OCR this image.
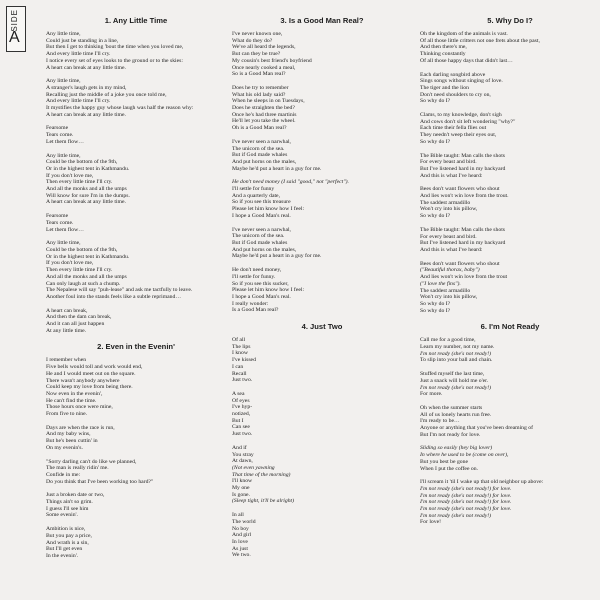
SIDE
A
1. Any Little Time
Any little time,
Could just be standing in a line,
But then I get to thinking 'bout the time when you loved me,
And every little time I'll cry.
I notice every set of eyes looks to the ground or to the skies:
A heart can break at any little time.
Any little time,
A stranger's laugh gets in my mind,
Recalling just the middle of a joke you once told me,
And every little time I'll cry.
It mystifies the happy guy whose laugh was half the reason why:
A heart can break at any little time.
Fearsome
Tears come.
Let them flow…
Any little time,
Could be the bottom of the 9th,
Or in the highest tent in Kathmandu.
If you don't love me,
Then every little time I'll cry.
And all the monks and all the umps
Will know for sure I'm in the dumps.
A heart can break at any little time.
Fearsome
Tears come.
Let them flow…
Any little time,
Could be the bottom of the 9th,
Or in the highest tent in Kathmandu.
If you don't love me,
Then every little time I'll cry.
And all the monks and all the umps
Can only laugh at such a chump.
The Nepalese will say "puh-lease" and ask me tactfully to leave.
Another foul into the stands feels like a subtle reprimand…
A heart can break,
And then the dam can break,
And it can all just happen
At any little time.
2. Even in the Evenin'
I remember when
Five bells would toll and work would end,
He and I would meet out on the square.
There wasn't anybody anywhere
Could keep my love from being there.
Now even in the evenin',
He can't find the time.
Those hours once were mine,
From five to nine.
Days are when the race is run,
And my baby wins,
But he's been cuttin' in
On my evenin's.
"Sorry darling can't do like we planned,
The man is really ridin' me.
Confide in me:
Do you think that I've been working too hard?"
Just a broken date or two,
Things ain't so grim.
I guess I'll see him
Some evenin'.
Ambition is nice,
But you pay a price,
And wrath is a sin,
But I'll get even
In the evenin'.
3. Is a Good Man Real?
I've never known one,
What do they do?
We've all heard the legends,
But can they be true?
My cousin's best friend's boyfriend
Once nearly cooked a meal,
So is a Good Man real?
Does he try to remember
What his old lady said?
When he sleeps in on Tuesdays,
Does he straighten the bed?
Once he's had three martinis
He'll let you take the wheel.
Oh is a Good Man real?
I've never seen a narwhal,
The unicorn of the sea.
But if God made whales
And put horns on the males,
Maybe he'd put a heart in a guy for me.
He don't need money (I said "good," not "perfect").
I'll settle for funny
And a quarterly date,
So if you see this treasure
Please let him know how I feel:
I hope a Good Man's real.
I've never seen a narwhal,
The unicorn of the sea.
But if God made whales
And put horns on the males,
Maybe he'd put a heart in a guy for me.
He don't need money,
I'll settle for funny.
So if you see this sucker,
Please let him know how I feel:
I hope a Good Man's real.
I really wonder:
Is a Good Man real?
4. Just Two
Of all
The lips
I know
I've kissed
I can
Recall
Just two.
A sea
Of eyes
I've hyp-
notized,
But I
Can see
Just two.
And if
You stray
At dawn,
(Not even yawning
That time of the morning)
I'll know
My one
Is gone.
(Sleep tight, it'll be alright)
In all
The world
No boy
And girl
In love
As just
We two.
5. Why Do I?
Oh the kingdom of the animals is vast.
Of all those little critters not one frets about the past,
And then there's me,
Thinking constantly
Of all those happy days that didn't last…
Each darling songbird above
Sings songs without singing of love.
The tiger and the lion
Don't need shoulders to cry on,
So why do I?
Clams, to my knowledge, don't sigh
And cows don't sit left wondering "why?"
Each time their fella flies out
They needn't weep their eyes out,
So why do I?
The Bible taught: Man calls the shots
For every beast and bird.
But I've listened hard in my backyard
And this is what I've heard:
Bees don't want flowers who shout
And lies won't win love from the trout.
The saddest armadillo
Won't cry into his pillow,
So why do I?
The Bible taught: Man calls the shots
For every beast and bird.
But I've listened hard in my backyard
And this is what I've heard:
Bees don't want flowers who shout
("Beautiful thorax, baby")
And lies won't win love from the trout
("I love the fins").
The saddest armadillo
Won't cry into his pillow,
So why do I?
So why do I?
6. I'm Not Ready
Call me for a good time,
Learn my number, not my name.
I'm not ready (she's not ready!)
To slip into your ball and chain.
Stuffed myself the last time,
Just a snack will hold me o'er.
I'm not ready (she's not ready!)
For more.
Oh when the summer starts
All of us lonely hearts run free.
I'm ready to be…
Anyone or anything that you've been dreaming of
But I'm not ready for love.
Sliding so easily (hey big lover)
In where he used to be (come on over),
But you best be gone
When I put the coffee on.
I'll scream it 'til I wake up that old neighbor up above:
I'm not ready (she's not ready!) for love.
I'm not ready (she's not ready!) for love.
I'm not ready (she's not ready!) for love.
I'm not ready (she's not ready!) for love.
I'm not ready (she's not ready!)
For love!
